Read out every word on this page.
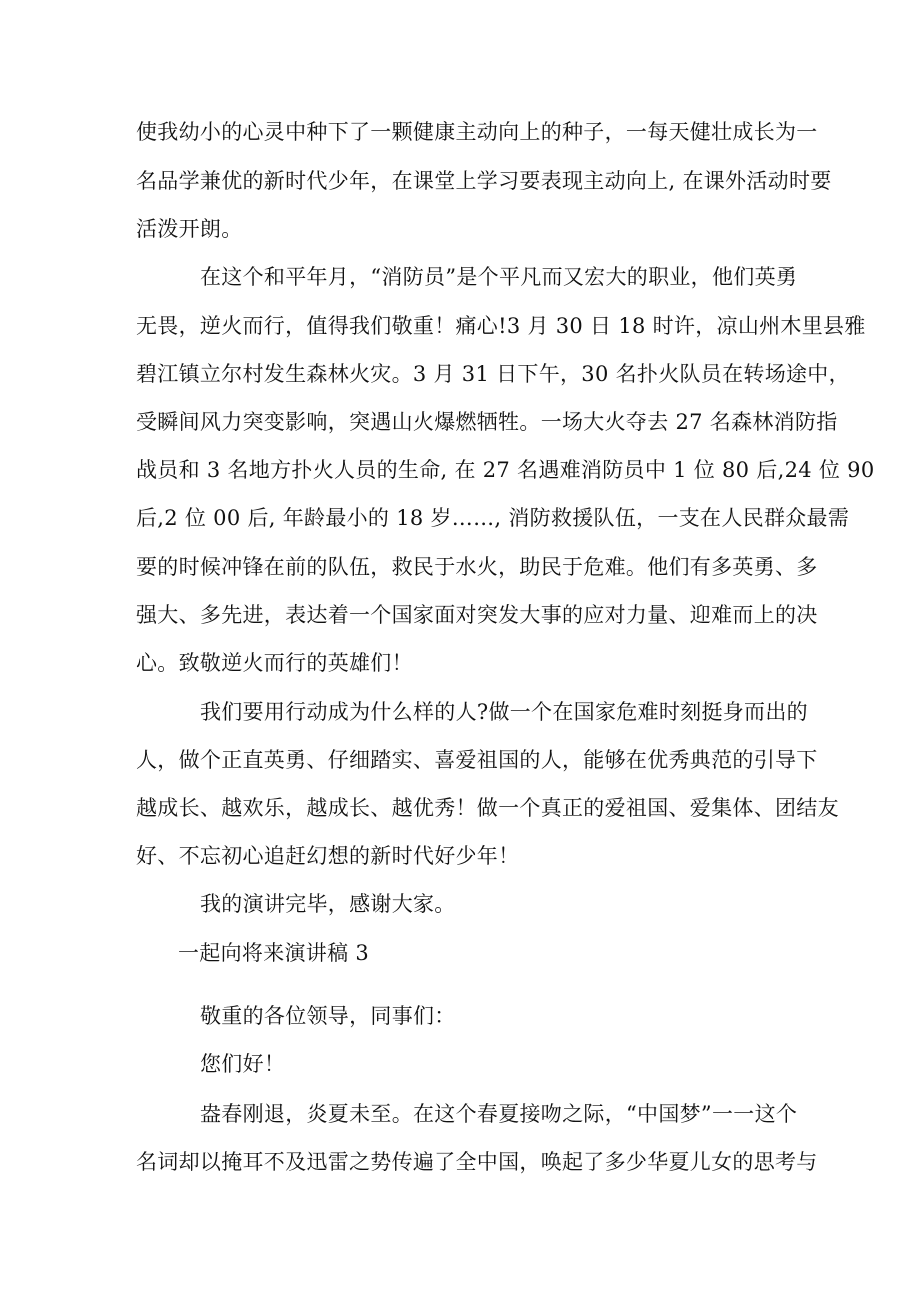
使我幼小的心灵中种下了一颗健康主动向上的种子，一每天健壮成长为一
名品学兼优的新时代少年，在课堂上学习要表现主动向上, 在课外活动时要
活泼开朗。
在这个和平年月，“消防员”是个平凡而又宏大的职业，他们英勇
无畏，逆火而行，值得我们敬重！痛心!3 月 30 日 18 时许，凉山州木里县雅
碧江镇立尔村发生森林火灾。3 月 31 日下午，30 名扑火队员在转场途中，
受瞬间风力突变影响，突遇山火爆燃牺牲。一场大火夺去 27 名森林消防指
战员和 3 名地方扑火人员的生命, 在 27 名遇难消防员中 1 位 80 后,24 位 90
后,2 位 00 后, 年龄最小的 18 岁……, 消防救援队伍，一支在人民群众最需
要的时候冲锋在前的队伍，救民于水火，助民于危难。他们有多英勇、多
强大、多先进，表达着一个国家面对突发大事的应对力量、迎难而上的决
心。致敬逆火而行的英雄们！
我们要用行动成为什么样的人?做一个在国家危难时刻挺身而出的
人，做个正直英勇、仔细踏实、喜爱祖国的人，能够在优秀典范的引导下
越成长、越欢乐，越成长、越优秀！做一个真正的爱祖国、爱集体、团结友
好、不忘初心追赶幻想的新时代好少年！
我的演讲完毕，感谢大家。
一起向将来演讲稿 3
敬重的各位领导，同事们：
您们好！
盎春刚退，炎夏未至。在这个春夏接吻之际，“中国梦”一一这个
名词却以掩耳不及迅雷之势传遍了全中国，唤起了多少华夏儿女的思考与
